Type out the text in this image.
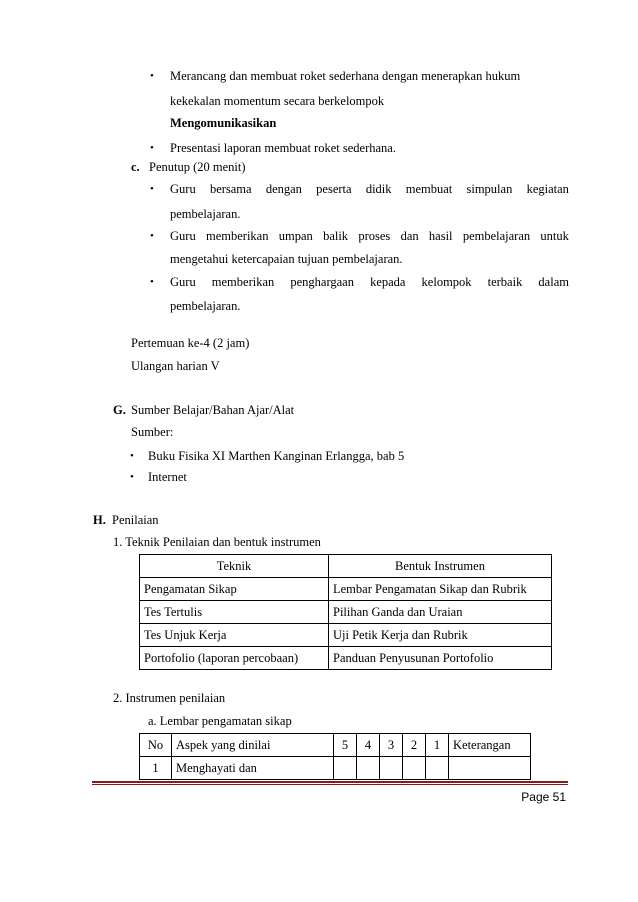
• Merancang dan membuat roket sederhana dengan menerapkan hukum
kekekalan momentum secara berkelompok
Mengomunikasikan
• Presentasi laporan membuat roket sederhana.
c. Penutup (20 menit)
• Guru bersama dengan peserta didik membuat simpulan kegiatan
pembelajaran.
• Guru memberikan umpan balik proses dan hasil pembelajaran untuk
mengetahui ketercapaian tujuan pembelajaran.
• Guru memberikan penghargaan kepada kelompok terbaik dalam
pembelajaran.
Pertemuan ke-4 (2 jam)
Ulangan harian V
G. Sumber Belajar/Bahan Ajar/Alat
Sumber:
• Buku Fisika XI Marthen Kanginan Erlangga, bab 5
• Internet
H. Penilaian
1. Teknik Penilaian dan bentuk instrumen
Teknik	Bentuk Instrumen
Pengamatan Sikap	Lembar Pengamatan Sikap dan Rubrik
Tes Tertulis	Pilihan Ganda dan Uraian
Tes Unjuk Kerja	Uji Petik Kerja dan Rubrik
Portofolio (laporan percobaan)	Panduan Penyusunan Portofolio
2. Instrumen penilaian
a. Lembar pengamatan sikap
No	Aspek yang dinilai	5	4	3	2	1	Keterangan
1	Menghayati dan						
Page 51
